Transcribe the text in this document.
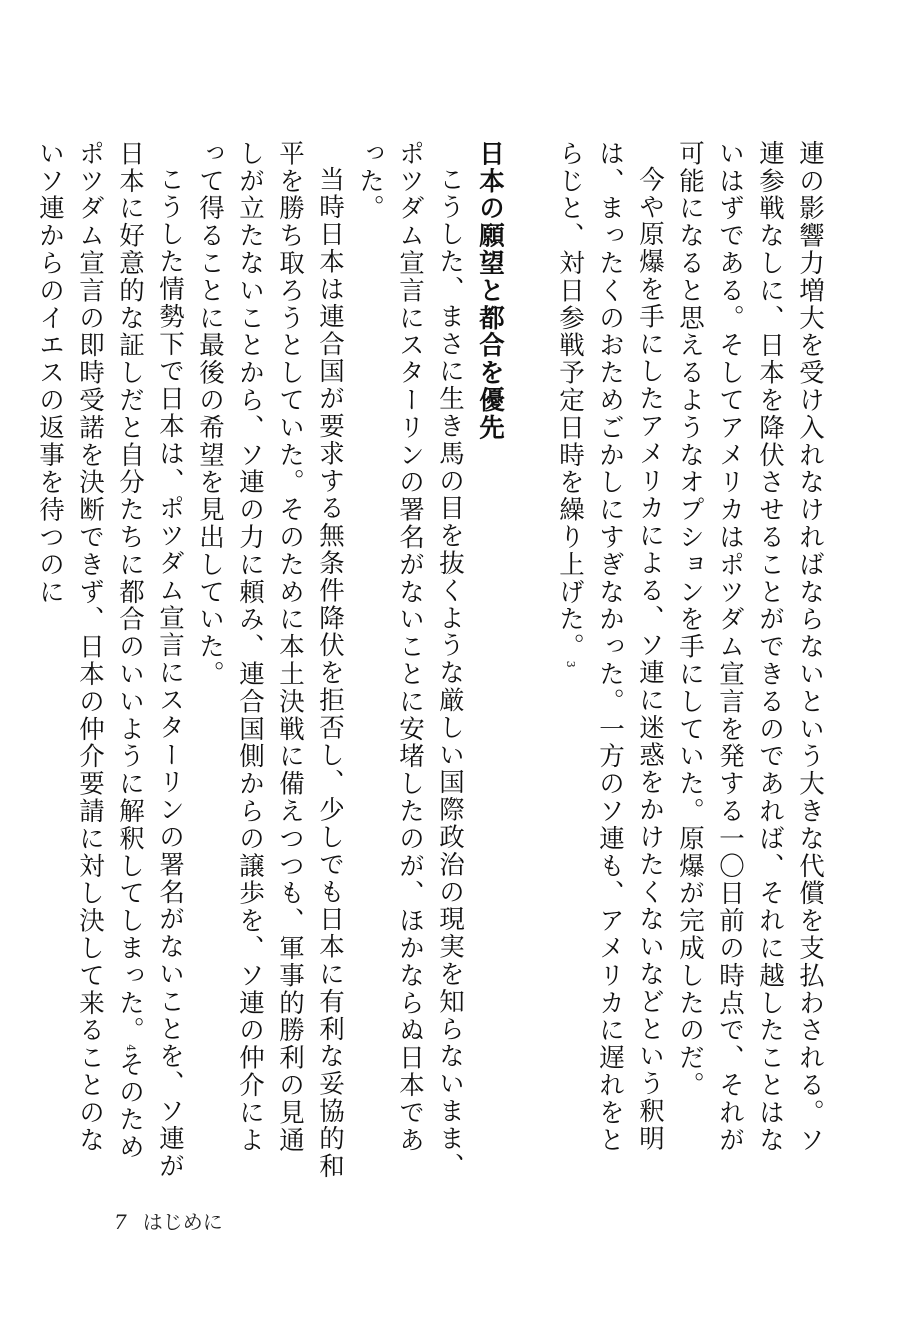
連の影響力増大を受け入れなければならないという大きな代償を支払わされる。ソ連参戦なしに、日本を降伏させることができるのであれば、それに越したことはないはずである。そしてアメリカはポツダム宣言を発する一〇日前の時点で、それが可能になると思えるようなオプションを手にしていた。原爆が完成したのだ。

今や原爆を手にしたアメリカによる、ソ連に迷惑をかけたくないなどという釈明は、まったくのおためごかしにすぎなかった。一方のソ連も、アメリカに遅れをとらじと、対日参戦予定日時を繰り上げた。3

日本の願望と都合を優先

こうした、まさに生き馬の目を抜くような厳しい国際政治の現実を知らないまま、ポツダム宣言にスターリンの署名がないことに安堵したのが、ほかならぬ日本であった。

当時日本は連合国が要求する無条件降伏を拒否し、少しでも日本に有利な妥協的和平を勝ち取ろうとしていた。そのために本土決戦に備えつつも、軍事的勝利の見通しが立たないことから、ソ連の力に頼み、連合国側からの譲歩を、ソ連の仲介によって得ることに最後の希望を見出していた。

こうした情勢下で日本は、ポツダム宣言にスターリンの署名がないことを、ソ連が日本に好意的な証しだと自分たちに都合のいいように解釈してしまった。4そのためポツダム宣言の即時受諾を決断できず、日本の仲介要請に対し決して来ることのないソ連からのイエスの返事を待つのに

7 はじめに
